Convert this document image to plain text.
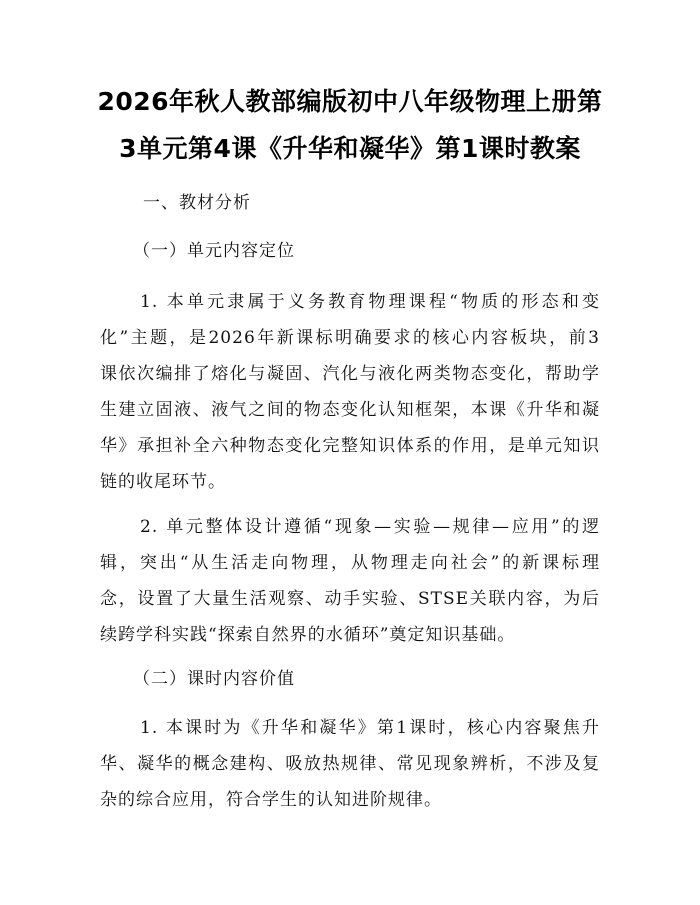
2026年秋人教部编版初中八年级物理上册第
3单元第4课《升华和凝华》第1课时教案
一、教材分析
（一）单元内容定位
1. 本单元隶属于义务教育物理课程“物质的形态和变
化”主题，是2026年新课标明确要求的核心内容板块，前3
课依次编排了熔化与凝固、汽化与液化两类物态变化，帮助学
生建立固液、液气之间的物态变化认知框架，本课《升华和凝
华》承担补全六种物态变化完整知识体系的作用，是单元知识
链的收尾环节。
2. 单元整体设计遵循“现象—实验—规律—应用”的逻
辑，突出“从生活走向物理，从物理走向社会”的新课标理
念，设置了大量生活观察、动手实验、STSE关联内容，为后
续跨学科实践“探索自然界的水循环”奠定知识基础。
（二）课时内容价值
1. 本课时为《升华和凝华》第1课时，核心内容聚焦升
华、凝华的概念建构、吸放热规律、常见现象辨析，不涉及复
杂的综合应用，符合学生的认知进阶规律。
